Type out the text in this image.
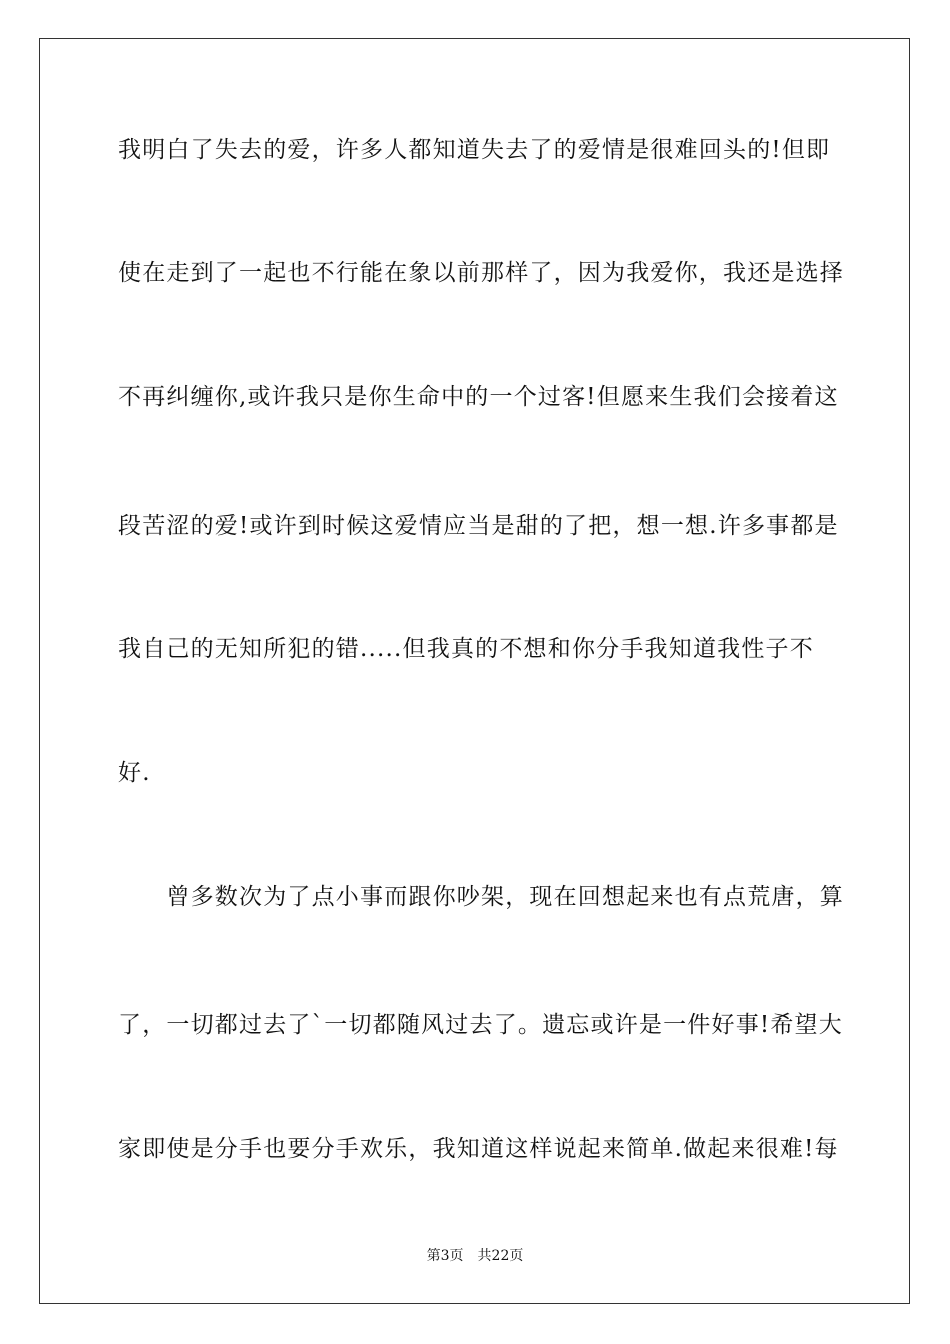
我明白了失去的爱，许多人都知道失去了的爱情是很难回头的!但即
使在走到了一起也不行能在象以前那样了，因为我爱你，我还是选择
不再纠缠你,或许我只是你生命中的一个过客!但愿来生我们会接着这
段苦涩的爱!或许到时候这爱情应当是甜的了把，想一想.许多事都是
我自己的无知所犯的错.....但我真的不想和你分手我知道我性子不
好.
　　曾多数次为了点小事而跟你吵架，现在回想起来也有点荒唐，算
了，一切都过去了`一切都随风过去了。遗忘或许是一件好事!希望大
家即使是分手也要分手欢乐，我知道这样说起来简单.做起来很难!每
第3页 共22页
